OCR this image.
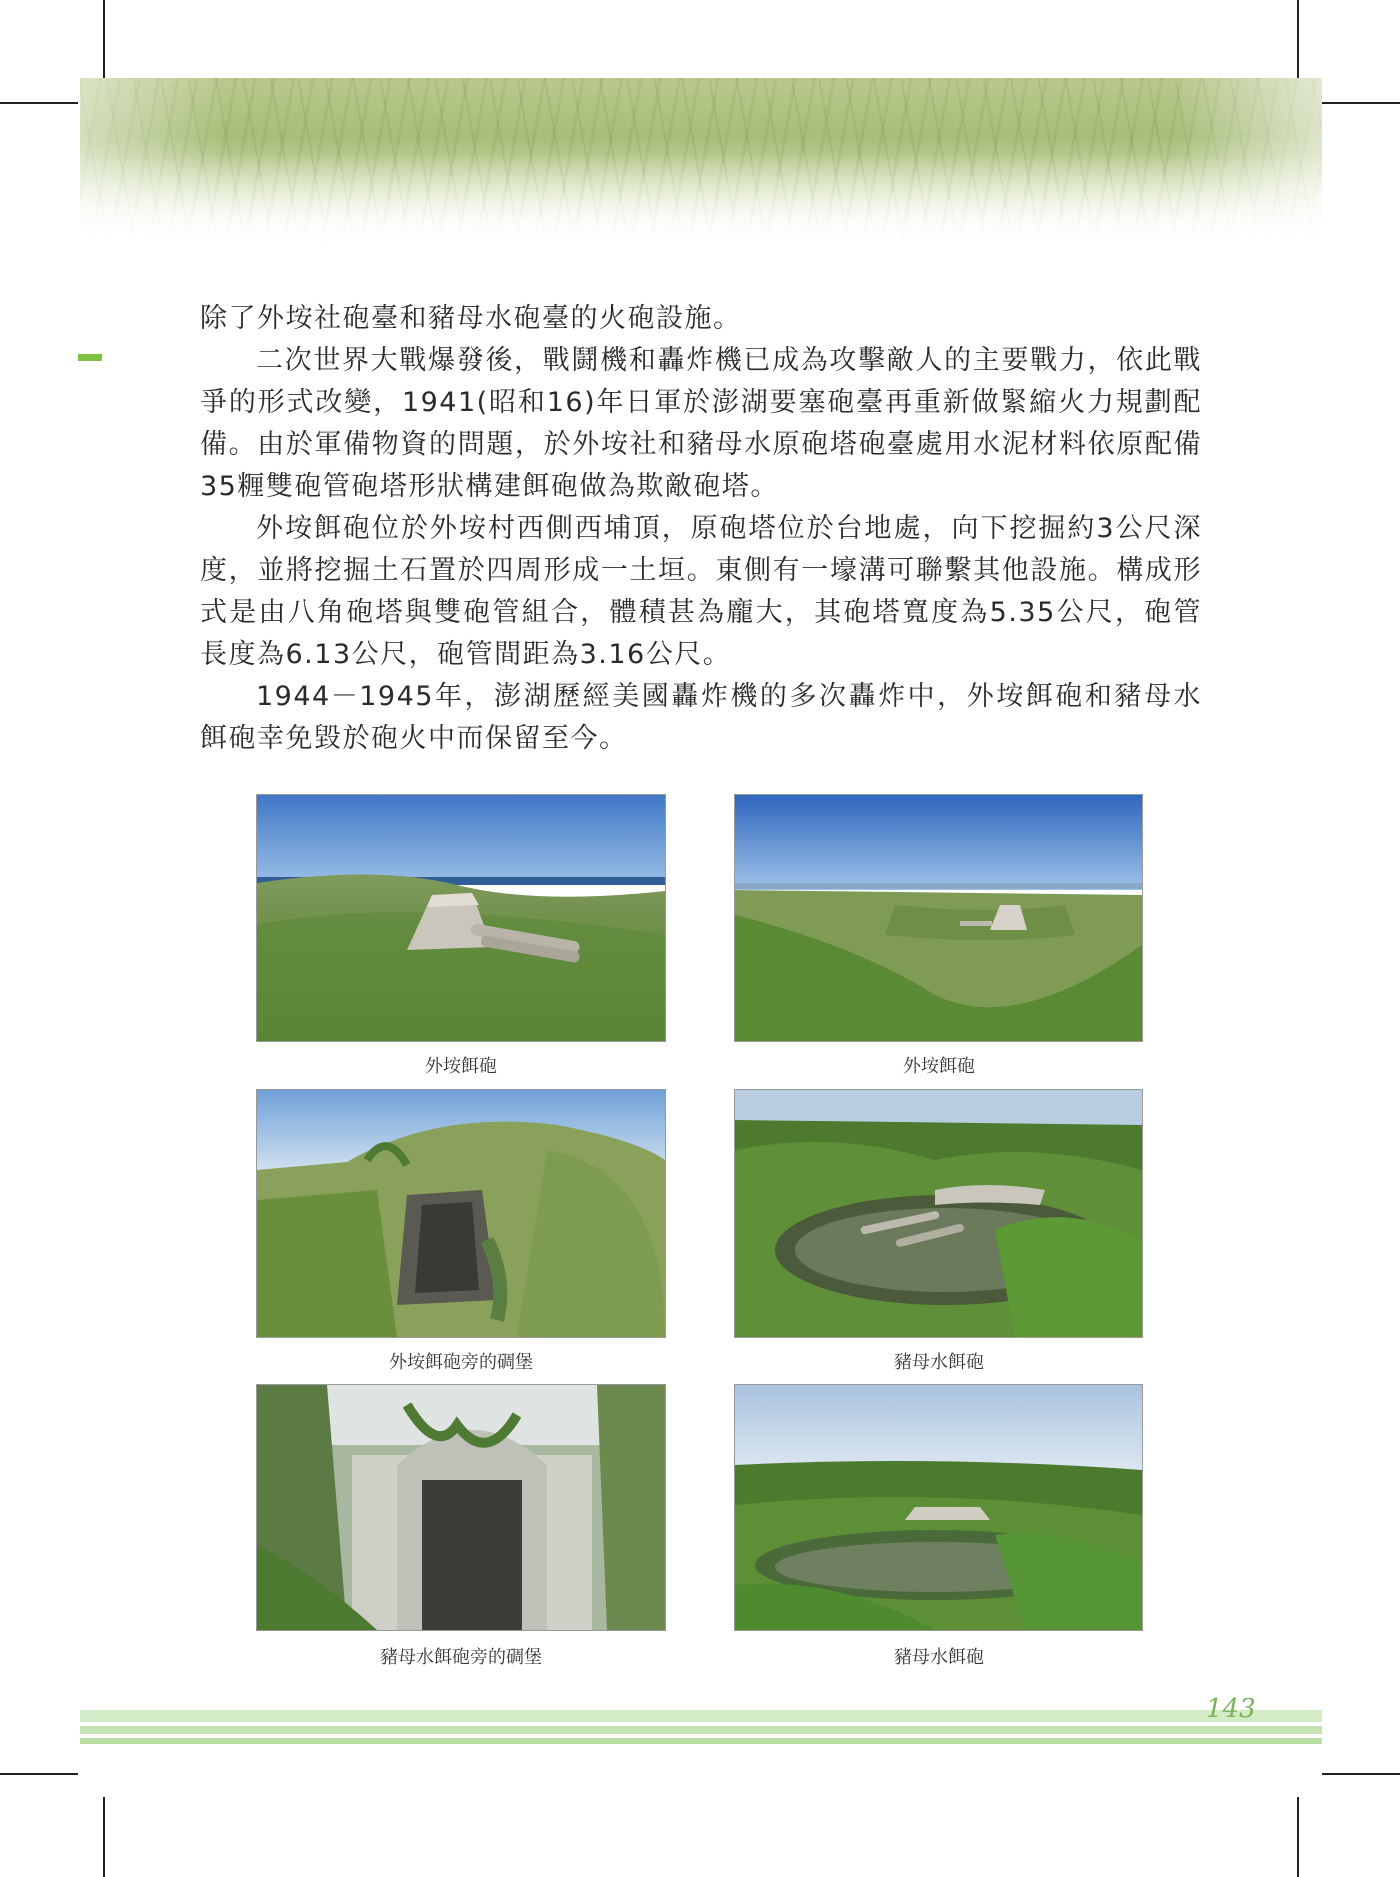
除了外垵社砲臺和豬母水砲臺的火砲設施。

二次世界大戰爆發後，戰鬪機和轟炸機已成為攻擊敵人的主要戰力，依此戰爭的形式改變，1941(昭和16)年日軍於澎湖要塞砲臺再重新做緊縮火力規劃配備。由於軍備物資的問題，於外垵社和豬母水原砲塔砲臺處用水泥材料依原配備35糎雙砲管砲塔形狀構建餌砲做為欺敵砲塔。

外垵餌砲位於外垵村西側西埔頂，原砲塔位於台地處，向下挖掘約3公尺深度，並將挖掘土石置於四周形成一土垣。東側有一壕溝可聯繫其他設施。構成形式是由八角砲塔與雙砲管組合，體積甚為龐大，其砲塔寬度為5.35公尺，砲管長度為6.13公尺，砲管間距為3.16公尺。

1944－1945年，澎湖歷經美國轟炸機的多次轟炸中，外垵餌砲和豬母水餌砲幸免毀於砲火中而保留至今。

外垵餌砲	外垵餌砲
外垵餌砲旁的碉堡	豬母水餌砲
豬母水餌砲旁的碉堡	豬母水餌砲
143
